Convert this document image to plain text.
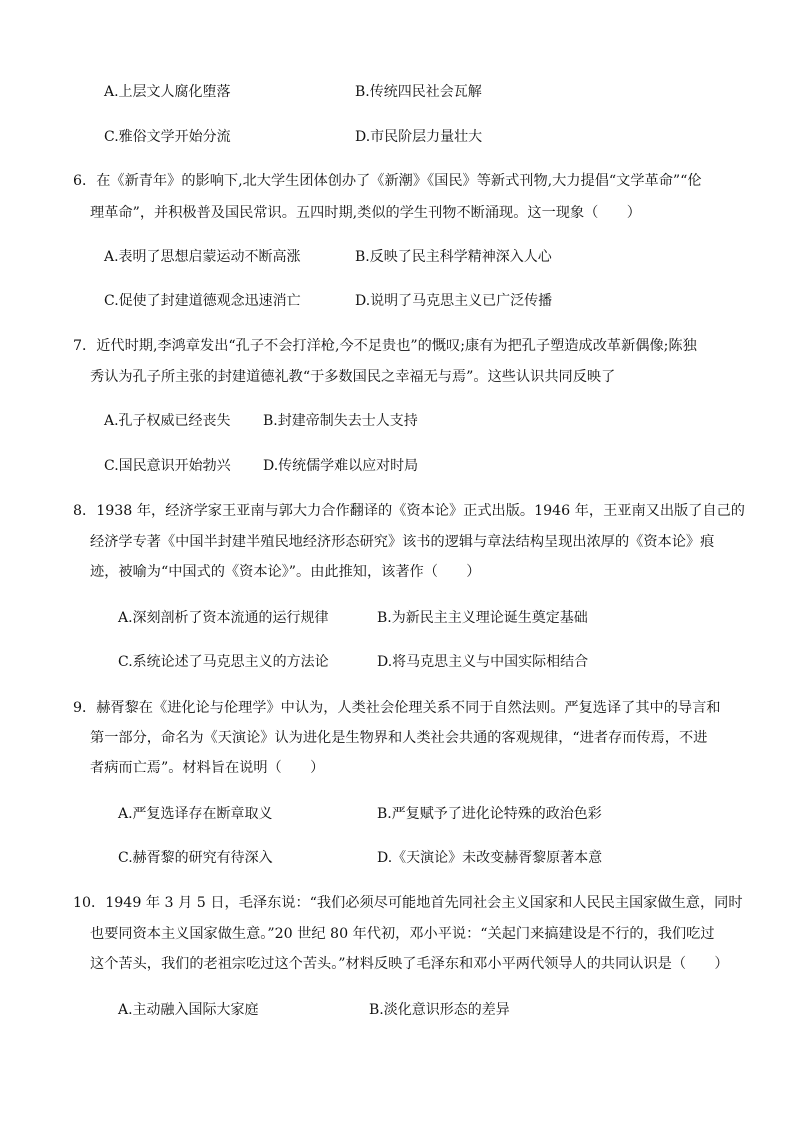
A.上层文人腐化堕落	B.传统四民社会瓦解
C.雅俗文学开始分流	D.市民阶层力量壮大
6．在《新青年》的影响下,北大学生团体创办了《新潮》《国民》等新式刊物,大力提倡“文学革命”“伦
理革命”，并积极普及国民常识。五四时期,类似的学生刊物不断涌现。这一现象（　　）
A.表明了思想启蒙运动不断高涨	B.反映了民主科学精神深入人心
C.促使了封建道德观念迅速消亡	D.说明了马克思主义已广泛传播
7．近代时期,李鸿章发出“孔子不会打洋枪,今不足贵也”的慨叹;康有为把孔子塑造成改革新偶像;陈独
秀认为孔子所主张的封建道德礼教“于多数国民之幸福无与焉”。这些认识共同反映了
A.孔子权威已经丧失 B.封建帝制失去士人支持
C.国民意识开始勃兴 D.传统儒学难以应对时局
8．1938 年，经济学家王亚南与郭大力合作翻译的《资本论》正式出版。1946 年，王亚南又出版了自己的
经济学专著《中国半封建半殖民地经济形态研究》该书的逻辑与章法结构呈现出浓厚的《资本论》痕
迹，被喻为“中国式的《资本论》”。由此推知，该著作（　　）
A.深刻剖析了资本流通的运行规律	B.为新民主主义理论诞生奠定基础
C.系统论述了马克思主义的方法论	D.将马克思主义与中国实际相结合
9．赫胥黎在《进化论与伦理学》中认为，人类社会伦理关系不同于自然法则。严复选译了其中的导言和
第一部分，命名为《天演论》认为进化是生物界和人类社会共通的客观规律，“进者存而传焉，不进
者病而亡焉”。材料旨在说明（　　）
A.严复选译存在断章取义	B.严复赋予了进化论特殊的政治色彩
C.赫胥黎的研究有待深入	D.《天演论》未改变赫胥黎原著本意
10．1949 年 3 月 5 日，毛泽东说：“我们必须尽可能地首先同社会主义国家和人民民主国家做生意，同时
也要同资本主义国家做生意。”20 世纪 80 年代初，邓小平说：“关起门来搞建设是不行的，我们吃过
这个苦头，我们的老祖宗吃过这个苦头。”材料反映了毛泽东和邓小平两代领导人的共同认识是（　　）
A.主动融入国际大家庭	B.淡化意识形态的差异
